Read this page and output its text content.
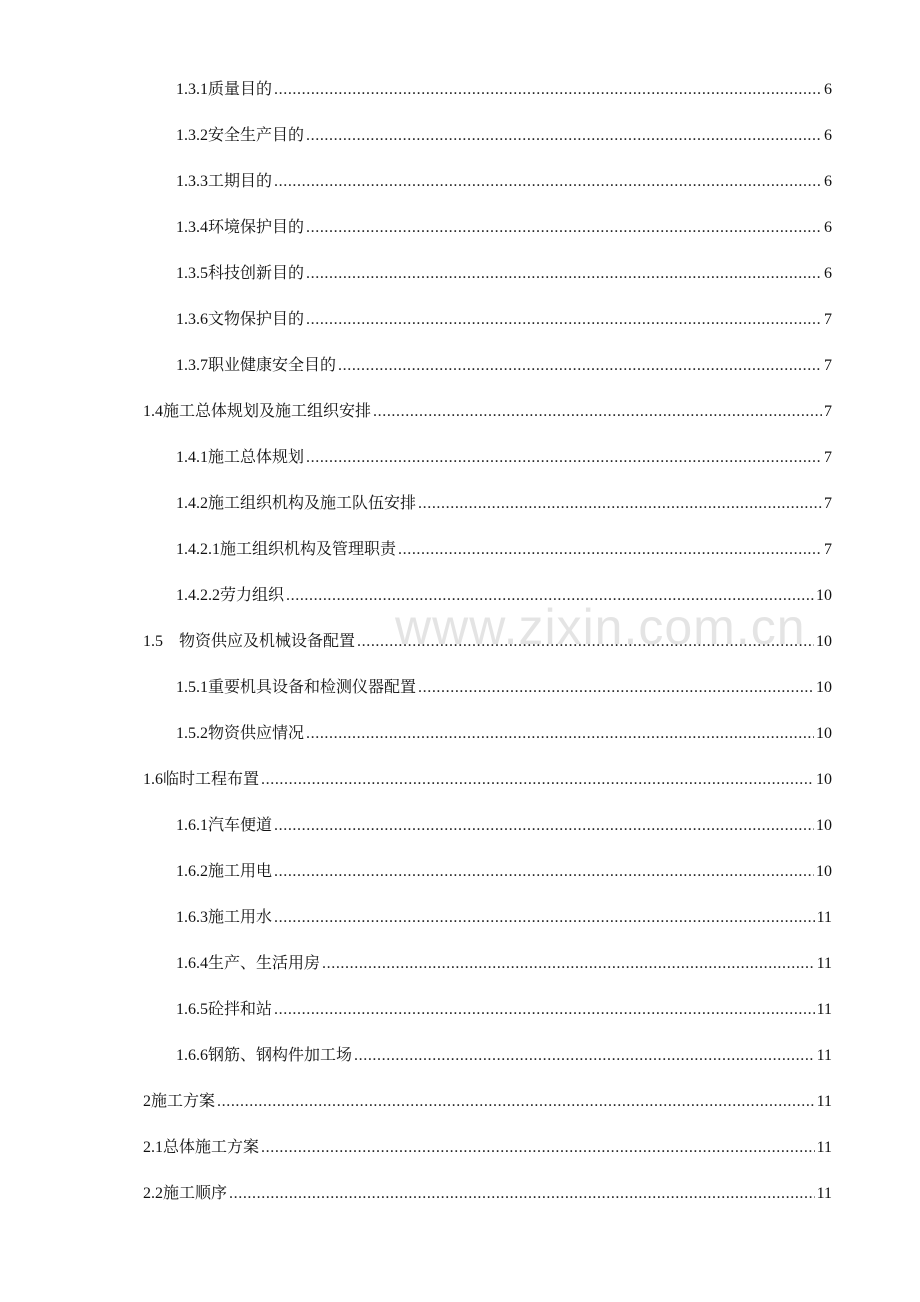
1.3.1 质量目的 .....	6
1.3.2 安全生产目的 .....	6
1.3.3 工期目的 .....	6
1.3.4 环境保护目的 .....	6
1.3.5 科技创新目的 .....	6
1.3.6 文物保护目的 .....	7
1.3.7 职业健康安全目的 .....	7
1.4 施工总体规划及施工组织安排 .....	7
1.4.1 施工总体规划 .....	7
1.4.2 施工组织机构及施工队伍安排 .....	7
1.4.2.1 施工组织机构及管理职责 .....	7
1.4.2.2 劳力组织 .....	10
1.5 物资供应及机械设备配置 .....	10
1.5.1 重要机具设备和检测仪器配置 .....	10
1.5.2 物资供应情况 .....	10
1.6 临时工程布置 .....	10
1.6.1 汽车便道 .....	10
1.6.2 施工用电 .....	10
1.6.3 施工用水 .....	11
1.6.4 生产、生活用房 .....	11
1.6.5 砼拌和站 .....	11
1.6.6 钢筋、钢构件加工场 .....	11
2 施工方案 .....	11
2.1 总体施工方案 .....	11
2.2 施工顺序 .....	11
www.zixin.com.cn
